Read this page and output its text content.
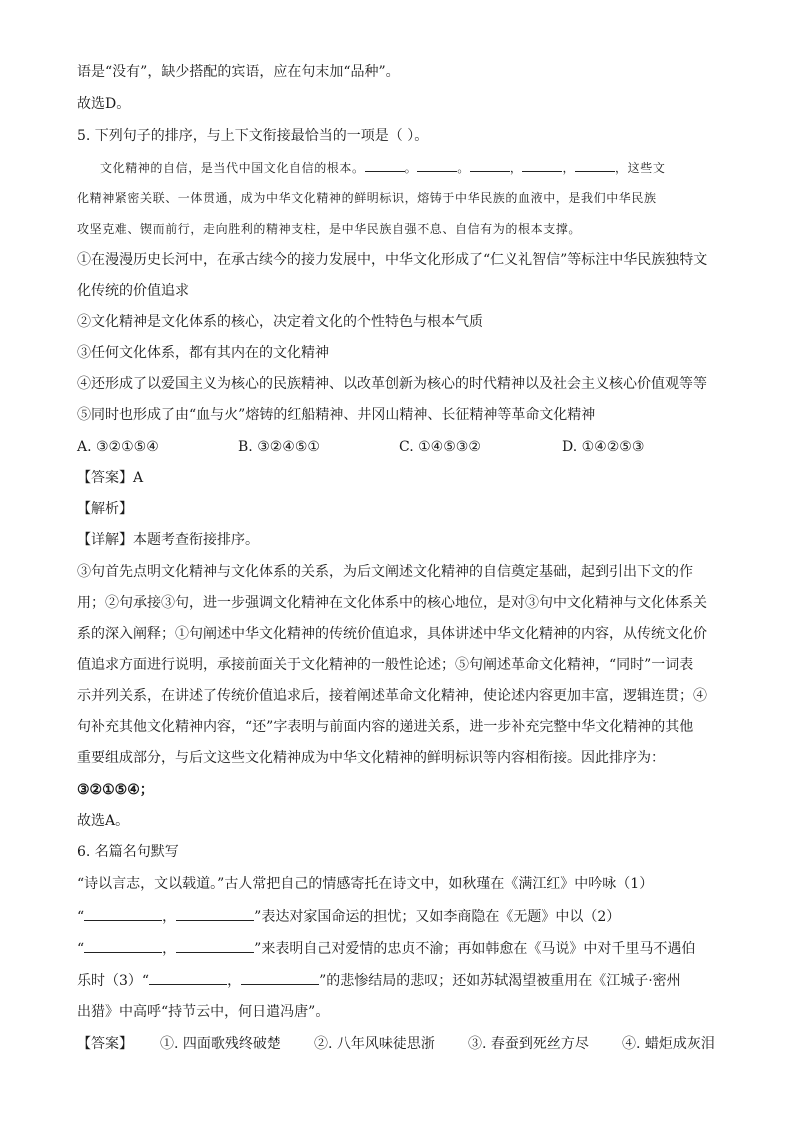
语是“没有”，缺少搭配的宾语，应在句末加“品种”。
故选D。
5. 下列句子的排序，与上下文衔接最恰当的一项是（ ）。
文化精神的自信，是当代中国文化自信的根本。	。	。	，	，	，这些文
化精神紧密关联、一体贯通，成为中华文化精神的鲜明标识，熔铸于中华民族的血液中，是我们中华民族
攻坚克难、锲而前行，走向胜利的精神支柱，是中华民族自强不息、自信有为的根本支撑。
①在漫漫历史长河中，在承古续今的接力发展中，中华文化形成了“仁义礼智信”等标注中华民族独特文
化传统的价值追求
②文化精神是文化体系的核心，决定着文化的个性特色与根本气质
③任何文化体系，都有其内在的文化精神
④还形成了以爱国主义为核心的民族精神、以改革创新为核心的时代精神以及社会主义核心价值观等等
⑤同时也形成了由“血与火”熔铸的红船精神、井冈山精神、长征精神等革命文化精神
A. ③②①⑤④	B. ③②④⑤①	C. ①④⑤③②	D. ①④②⑤③
【答案】A
【解析】
【详解】本题考查衔接排序。
③句首先点明文化精神与文化体系的关系，为后文阐述文化精神的自信奠定基础，起到引出下文的作
用；②句承接③句，进一步强调文化精神在文化体系中的核心地位，是对③句中文化精神与文化体系关
系的深入阐释；①句阐述中华文化精神的传统价值追求，具体讲述中华文化精神的内容，从传统文化价
值追求方面进行说明，承接前面关于文化精神的一般性论述；⑤句阐述革命文化精神，“同时”一词表
示并列关系，在讲述了传统价值追求后，接着阐述革命文化精神，使论述内容更加丰富，逻辑连贯；④
句补充其他文化精神内容，“还”字表明与前面内容的递进关系，进一步补充完整中华文化精神的其他
重要组成部分，与后文这些文化精神成为中华文化精神的鲜明标识等内容相衔接。因此排序为：
③②①⑤④；
故选A。
6. 名篇名句默写
“诗以言志，文以载道。”古人常把自己的情感寄托在诗文中，如秋瑾在《满江红》中吟咏（1）
“	，	”表达对家国命运的担忧；又如李商隐在《无题》中以（2）
“	，	”来表明自己对爱情的忠贞不渝；再如韩愈在《马说》中对千里马不遇伯
乐时（3）“	，	”的悲惨结局的悲叹；还如苏轼渴望被重用在《江城子·密州
出猎》中高呼“持节云中，何日遣冯唐”。
【答案】 ①. 四面歌残终破楚 ②. 八年风味徒思浙 ③. 春蚕到死丝方尽 ④. 蜡炬成灰泪
